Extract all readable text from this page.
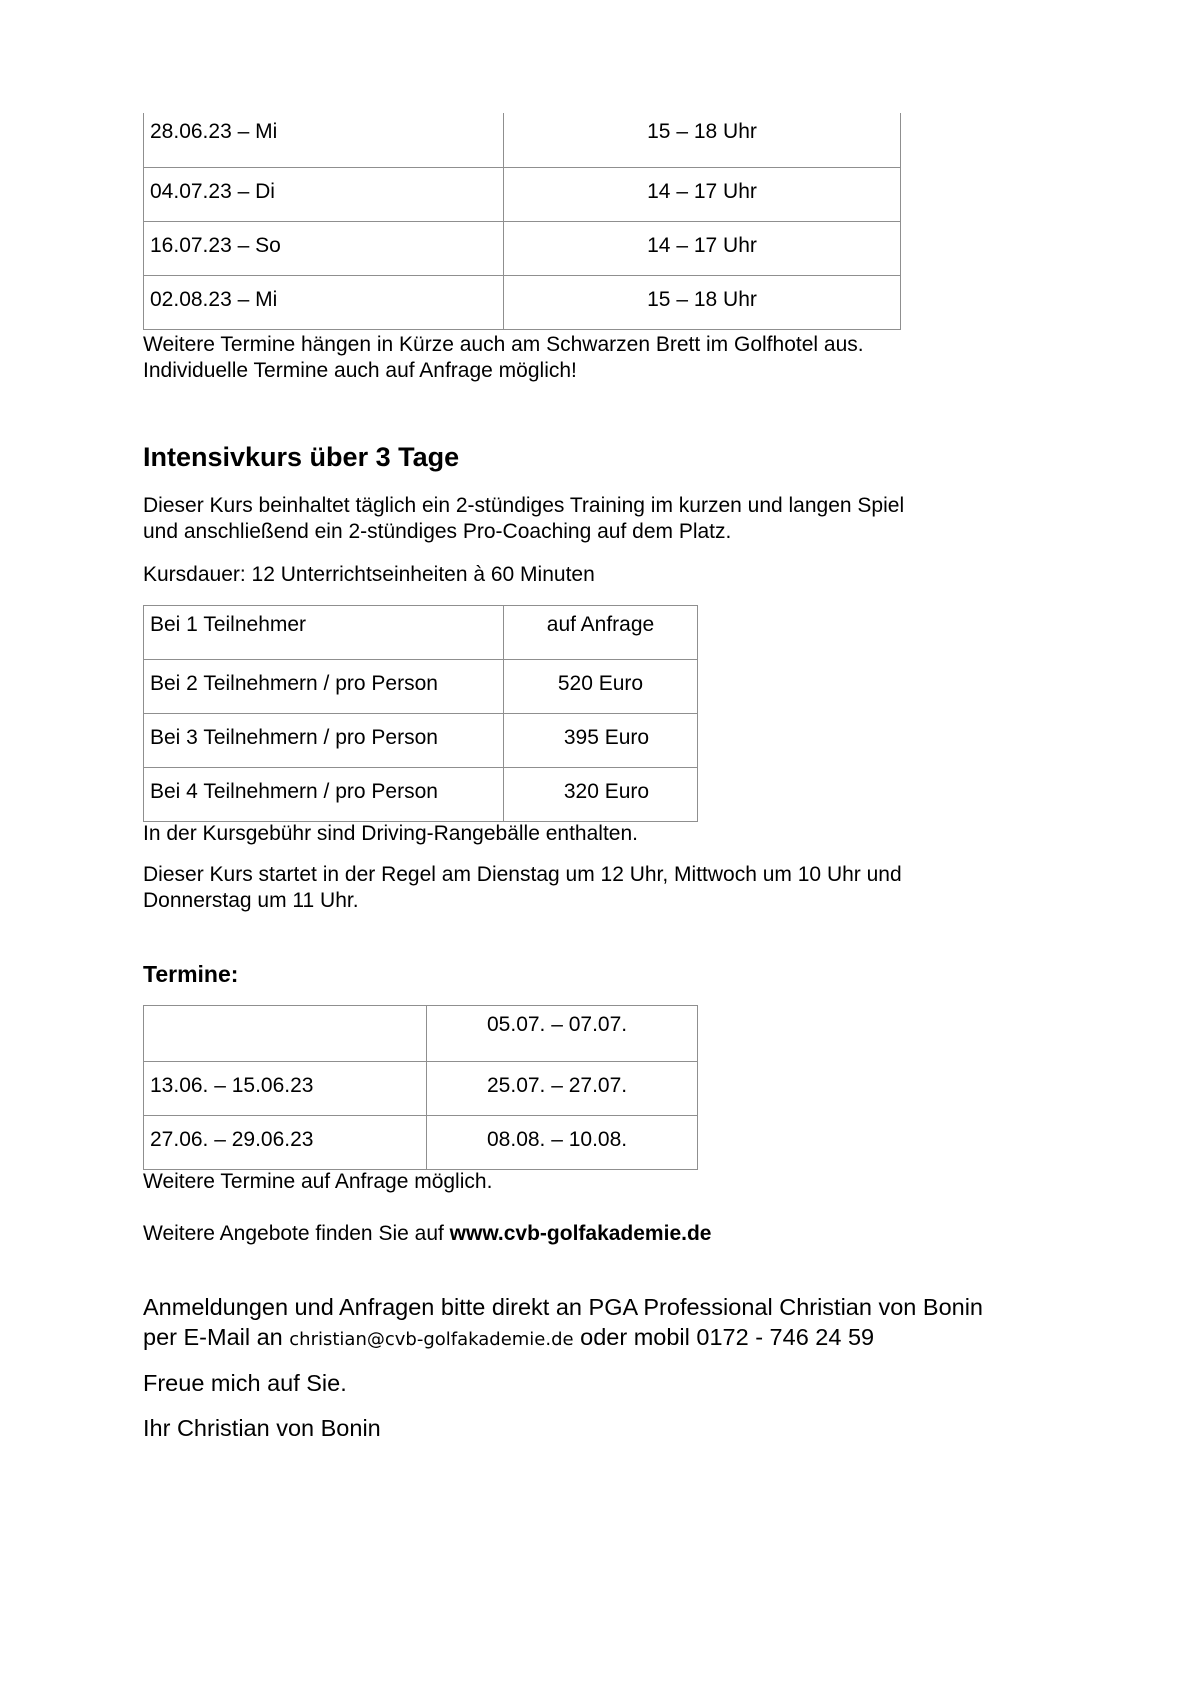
28.06.23 – Mi	15 – 18 Uhr
04.07.23 – Di	14 – 17 Uhr
16.07.23 – So	14 – 17 Uhr
02.08.23 – Mi	15 – 18 Uhr
Weitere Termine hängen in Kürze auch am Schwarzen Brett im Golfhotel aus.
Individuelle Termine auch auf Anfrage möglich!
Intensivkurs über 3 Tage
Dieser Kurs beinhaltet täglich ein 2-stündiges Training im kurzen und langen Spiel
und anschließend ein 2-stündiges Pro-Coaching auf dem Platz.
Kursdauer: 12 Unterrichtseinheiten à 60 Minuten
Bei 1 Teilnehmer	auf Anfrage
Bei 2 Teilnehmern / pro Person	520 Euro
Bei 3 Teilnehmern / pro Person	395 Euro
Bei 4 Teilnehmern / pro Person	320 Euro
In der Kursgebühr sind Driving-Rangebälle enthalten.
Dieser Kurs startet in der Regel am Dienstag um 12 Uhr, Mittwoch um 10 Uhr und
Donnerstag um 11 Uhr.
Termine:
	05.07. – 07.07.
13.06. – 15.06.23	25.07. – 27.07.
27.06. – 29.06.23	08.08. – 10.08.
Weitere Termine auf Anfrage möglich.
Weitere Angebote finden Sie auf www.cvb-golfakademie.de
Anmeldungen und Anfragen bitte direkt an PGA Professional Christian von Bonin
per E-Mail an christian@cvb-golfakademie.de oder mobil 0172 - 746 24 59
Freue mich auf Sie.
Ihr Christian von Bonin
